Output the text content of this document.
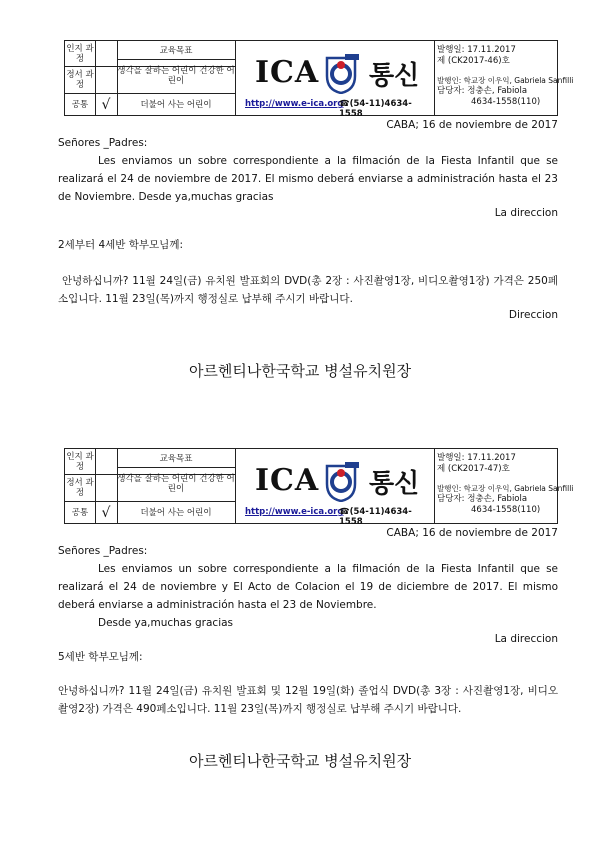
인지 과정
정서 과정
공통 √
교육목표
생각을 잘하는 어린이 건강한 어린이
더불어 사는 어린이
ICA 통신
http://www.e-ica.org
☎(54-11)4634-1558
발행일: 17.11.2017
제 (CK2017-46)호
발행인: 학교장 이우익, Gabriela Sanfilli
담당자: 정충손, Fabiola
4634-1558(110)
CABA; 16 de noviembre de 2017
Señores _Padres:
Les enviamos un sobre correspondiente a la filmación de la Fiesta Infantil que se realizará el 24 de noviembre de 2017. El mismo deberá enviarse a administración hasta el 23 de Noviembre. Desde ya,muchas gracias
La direccion
2세부터 4세반 학부모님께:
안녕하십니까? 11월 24일(금) 유치원 발표회의 DVD(총 2장 : 사진촬영1장, 비디오촬영1장) 가격은 250페소입니다. 11월 23일(목)까지 행정실로 납부해 주시기 바랍니다.
Direccion
아르헨티나한국학교 병설유치원장
인지 과정
정서 과정
공통 √
교육목표
생각을 잘하는 어린이 건강한 어린이
더불어 사는 어린이
ICA 통신
http://www.e-ica.org
☎(54-11)4634-1558
발행일: 17.11.2017
제 (CK2017-47)호
발행인: 학교장 이우익, Gabriela Sanfilli
담당자: 정충손, Fabiola
4634-1558(110)
CABA; 16 de noviembre de 2017
Señores _Padres:
Les enviamos un sobre correspondiente a la filmación de la Fiesta Infantil que se realizará el 24 de noviembre y El Acto de Colacion el 19 de diciembre de 2017. El mismo deberá enviarse a administración hasta el 23 de Noviembre.
Desde ya,muchas gracias
La direccion
5세반 학부모님께:
안녕하십니까? 11월 24일(금) 유치원 발표회 및 12월 19일(화) 졸업식 DVD(총 3장 : 사진촬영1장, 비디오촬영2장) 가격은 490페소입니다. 11월 23일(목)까지 행정실로 납부해 주시기 바랍니다.
아르헨티나한국학교 병설유치원장
